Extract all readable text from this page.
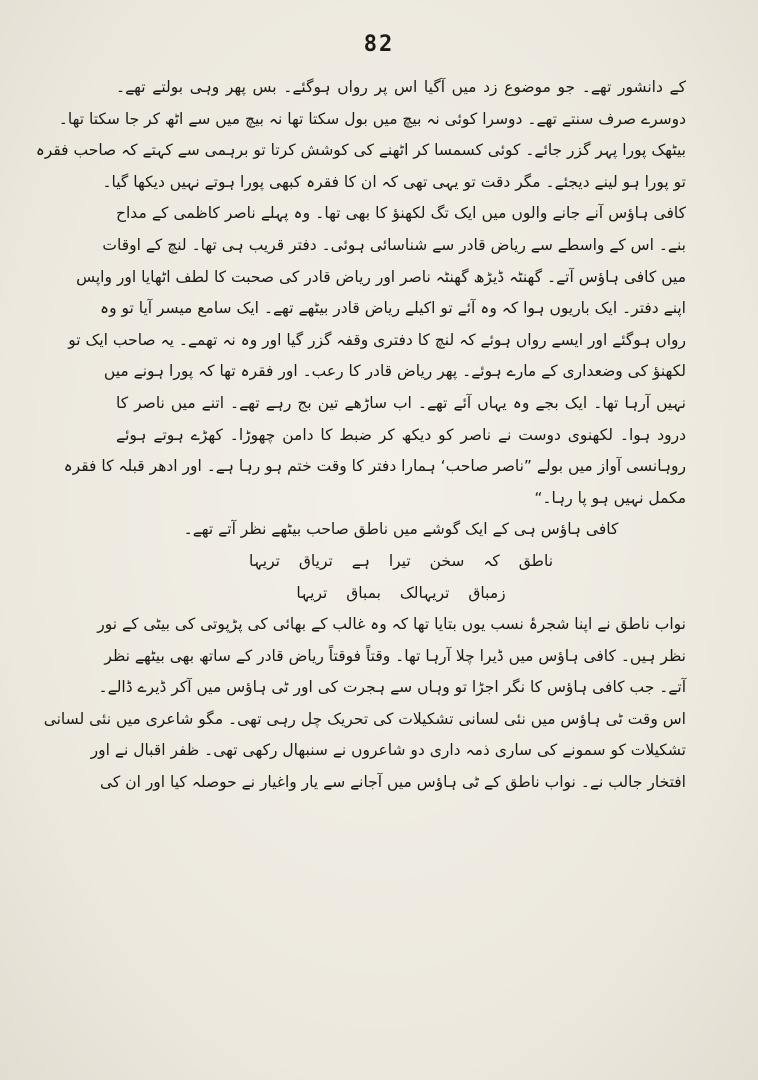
82
کے دانشور تھے۔ جو موضوع زد میں آگیا اس پر رواں ہوگئے۔ بس پھر وہی بولتے تھے۔
دوسرے صرف سنتے تھے۔ دوسرا کوئی نہ بیچ میں بول سکتا تھا نہ بیچ میں سے اٹھ کر جا سکتا تھا۔
بیٹھک پورا پہر گزر جائے۔ کوئی کسمسا کر اٹھنے کی کوشش کرتا تو برہمی سے کہتے کہ صاحب فقرہ
تو پورا ہو لینے دیجئے۔ مگر دقت تو یہی تھی کہ ان کا فقرہ کبھی پورا ہوتے نہیں دیکھا گیا۔
کافی ہاؤس آنے جانے والوں میں ایک تگ لکھنؤ کا بھی تھا۔ وہ پہلے ناصر کاظمی کے مداح
بنے۔ اس کے واسطے سے ریاض قادر سے شناسائی ہوئی۔ دفتر قریب ہی تھا۔ لنچ کے اوقات
میں کافی ہاؤس آتے۔ گھنٹہ ڈیڑھ گھنٹہ ناصر اور ریاض قادر کی صحبت کا لطف اٹھایا اور واپس
اپنے دفتر۔ ایک باریوں ہوا کہ وہ آئے تو اکیلے ریاض قادر بیٹھے تھے۔ ایک سامع میسر آیا تو وہ
رواں ہوگئے اور ایسے رواں ہوئے کہ لنچ کا دفتری وقفہ گزر گیا اور وہ نہ تھمے۔ یہ صاحب ایک تو
لکھنؤ کی وضعداری کے مارے ہوئے۔ پھر ریاض قادر کا رعب۔ اور فقرہ تھا کہ پورا ہونے میں
نہیں آرہا تھا۔ ایک بجے وہ یہاں آئے تھے۔ اب ساڑھے تین بج رہے تھے۔ اتنے میں ناصر کا
درود ہوا۔ لکھنوی دوست نے ناصر کو دیکھ کر ضبط کا دامن چھوڑا۔ کھڑے ہوتے ہوئے
روہانسی آواز میں بولے ”ناصر صاحب‘ ہمارا دفتر کا وقت ختم ہو رہا ہے۔ اور ادھر قبلہ کا فقرہ
مکمل نہیں ہو پا رہا۔“
کافی ہاؤس ہی کے ایک گوشے میں ناطق صاحب بیٹھے نظر آتے تھے۔
ناطق کہ سخن تیرا ہے تریاق تریہا
زمباق تریہالک بمباق تریہا
نواب ناطق نے اپنا شجرۂ نسب یوں بتایا تھا کہ وہ غالب کے بھائی کی پڑپوتی کی بیٹی کے نور
نظر ہیں۔ کافی ہاؤس میں ڈیرا چلا آرہا تھا۔ وقتاً فوقتاً ریاض قادر کے ساتھ بھی بیٹھے نظر
آتے۔ جب کافی ہاؤس کا نگر اجڑا تو وہاں سے ہجرت کی اور ٹی ہاؤس میں آکر ڈیرے ڈالے۔
اس وقت ٹی ہاؤس میں نئی لسانی تشکیلات کی تحریک چل رہی تھی۔ مگو شاعری میں نئی لسانی
تشکیلات کو سمونے کی ساری ذمہ داری دو شاعروں نے سنبھال رکھی تھی۔ ظفر اقبال نے اور
افتخار جالب نے۔ نواب ناطق کے ٹی ہاؤس میں آجانے سے یار واغیار نے حوصلہ کیا اور ان کی
